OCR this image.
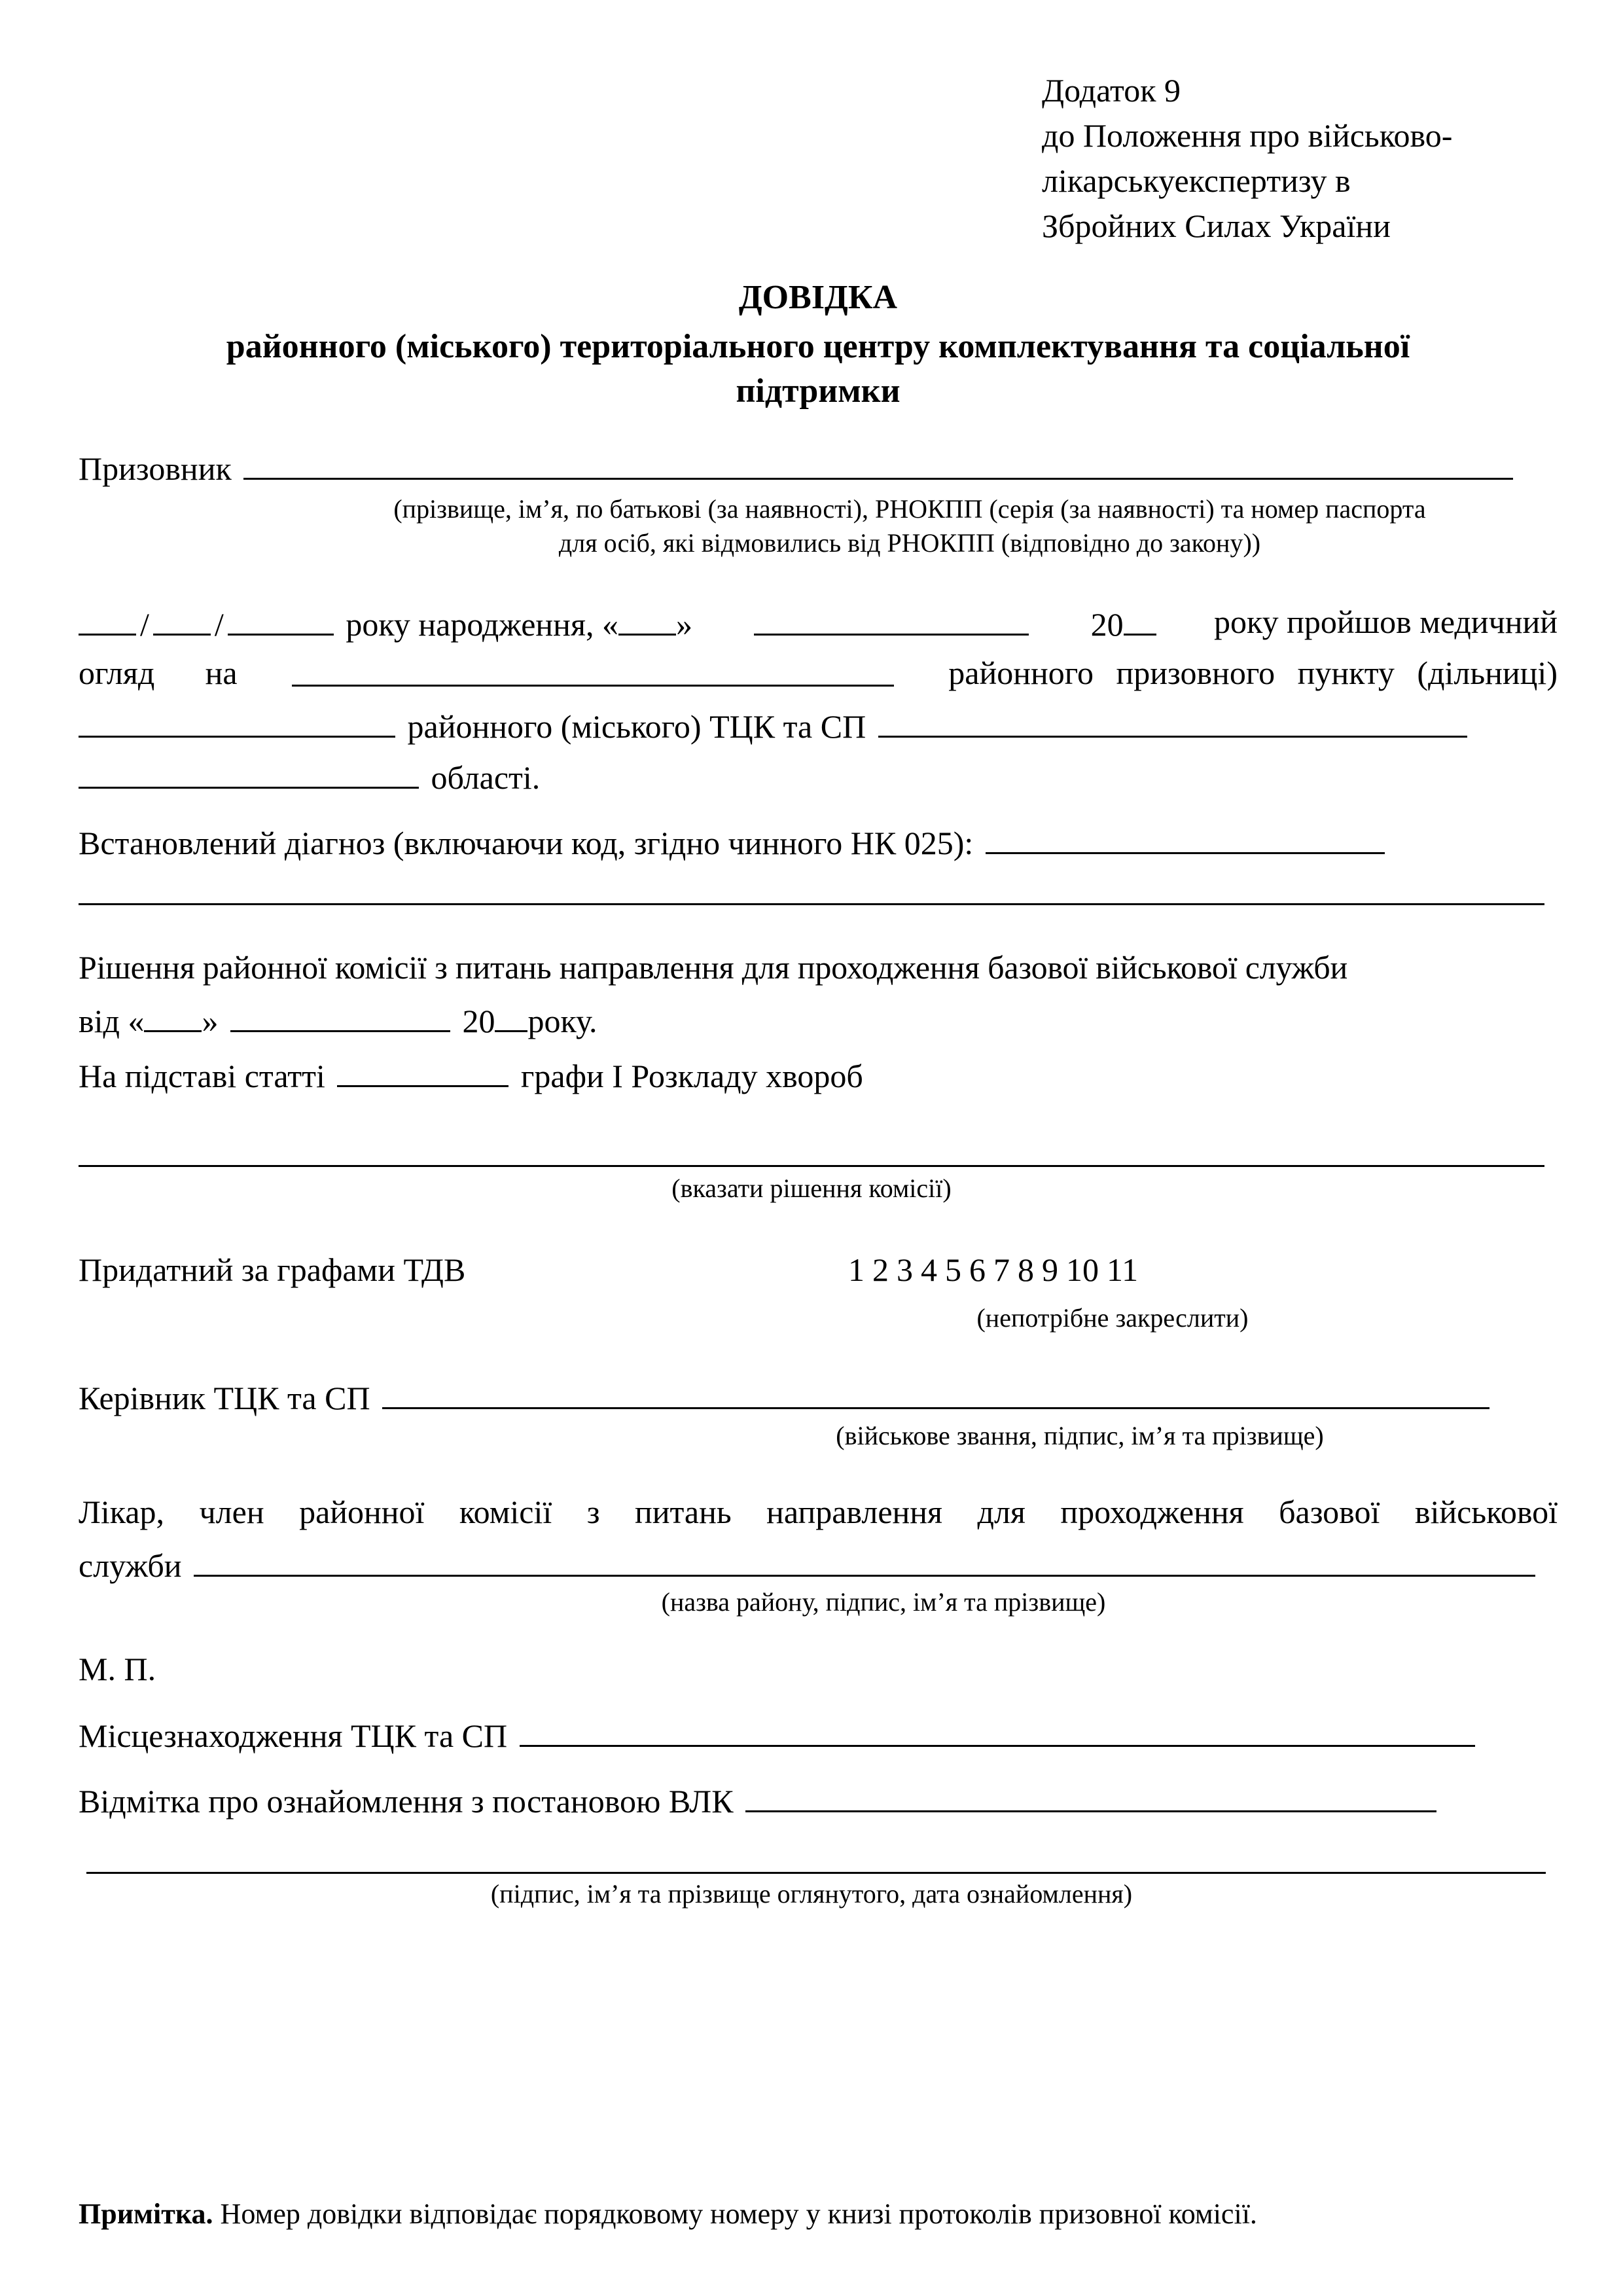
Додаток 9
до Положення про військово-
лікарськуекспертизу в
Збройних Силах України
ДОВІДКА
районного (міського) територіального центру комплектування та соціальної
підтримки
Призовник
(прізвище, ім’я, по батькові (за наявності), РНОКПП (серія (за наявності) та номер паспорта
для осіб, які відмовились від РНОКПП (відповідно до закону))
/ /	року народження, « »	20	року пройшов медичний
огляд на	районного призовного пункту (дільниці)
районного (міського) ТЦК та СП
області.
Встановлений діагноз (включаючи код, згідно чинного НК 025):
Рішення районної комісії з питань направлення для проходження базової військової служби
від « »	20 року.
На підставі статті	графи І Розкладу хвороб
(вказати рішення комісії)
Придатний за графами ТДВ	1 2 3 4 5 6 7 8 9 10 11
(непотрібне закреслити)
Керівник ТЦК та СП
(військове звання, підпис, ім’я та прізвище)
Лікар, член районної комісії з питань направлення для проходження базової військової
служби
(назва району, підпис, ім’я та прізвище)
М. П.
Місцезнаходження ТЦК та СП
Відмітка про ознайомлення з постановою ВЛК
(підпис, ім’я та прізвище оглянутого, дата ознайомлення)
Примітка. Номер довідки відповідає порядковому номеру у книзі протоколів призовної комісії.
